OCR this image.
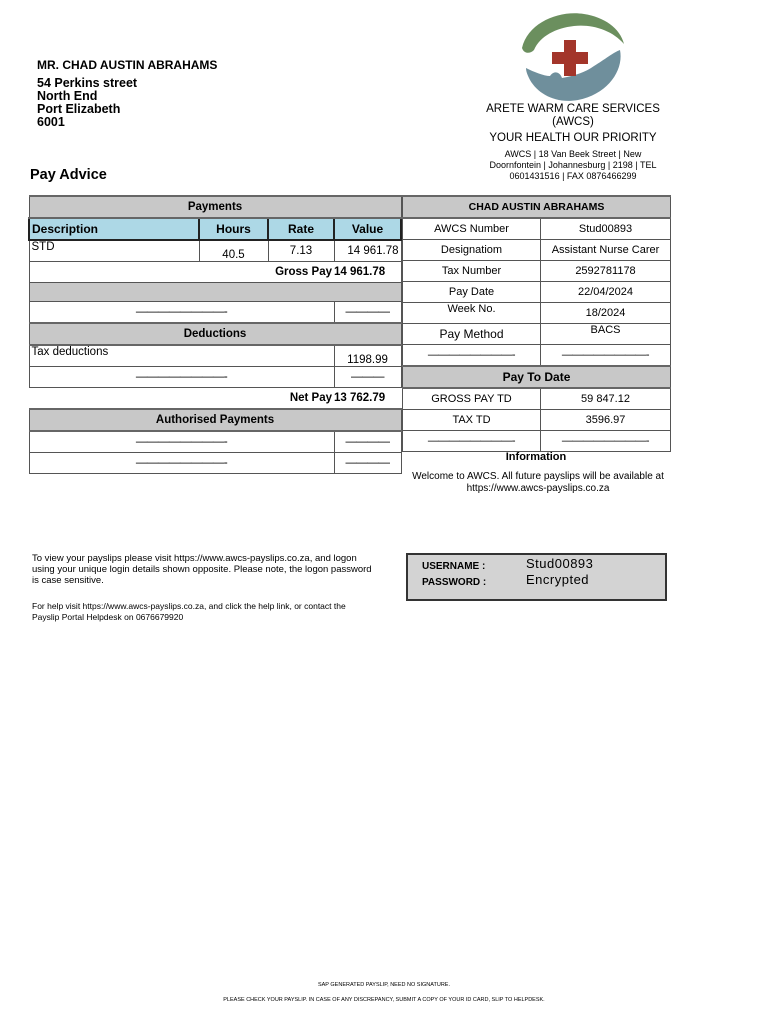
MR. CHAD AUSTIN ABRAHAMS
54 Perkins street
North End
Port Elizabeth
6001
ARETE WARM CARE SERVICES
(AWCS)
YOUR HEALTH OUR PRIORITY
AWCS | 18 Van Beek Street | New
Doornfontein | Johannesburg | 2198 | TEL
0601431516 | FAX 0876466299
Pay Advice
Payments			
Description	Hours	Rate	Value
STD	40.5	7.13	14 961.78
Gross Pay			14 961.78

————————-			————
Deductions			
Tax deductions			1198.99
————————-			———
Net Pay			13 762.79
Authorised Payments			
————————-			————
————————-			————
CHAD AUSTIN ABRAHAMS	
AWCS Number	Stud00893
Designatiom	Assistant Nurse Carer
Tax Number	2592781178
Pay Date	22/04/2024
Week No.	18/2024
Pay Method	BACS
————————-	————————-
Pay To Date	
GROSS PAY TD	59 847.12
TAX TD	3596.97
————————-	————————-
Information
Welcome to AWCS. All future payslips will be available at https://www.awcs-payslips.co.za
To view your payslips please visit https://www.awcs-payslips.co.za, and logon using your unique login details shown opposite. Please note, the logon password is case sensitive.
For help visit https://www.awcs-payslips.co.za, and click the help link, or contact the Payslip Portal Helpdesk on 0676679920
USERNAME :	Stud00893
PASSWORD :	Encrypted
SAP GENERATED PAYSLIP, NEED NO SIGNATURE.
PLEASE CHECK YOUR PAYSLIP. IN CASE OF ANY DISCREPANCY, SUBMIT A COPY OF YOUR ID CARD, SLIP TO HELPDESK.
